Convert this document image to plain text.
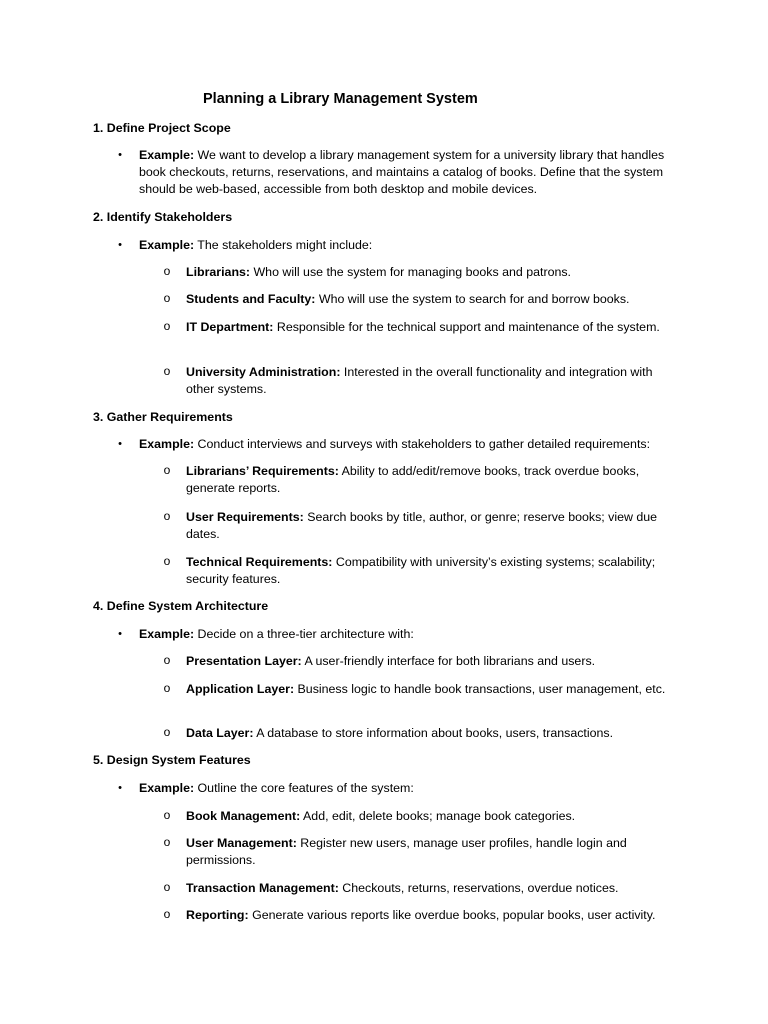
Planning a Library Management System
1. Define Project Scope
• Example: We want to develop a library management system for a university library that handles book checkouts, returns, reservations, and maintains a catalog of books. Define that the system should be web-based, accessible from both desktop and mobile devices.
2. Identify Stakeholders
• Example: The stakeholders might include:
o Librarians: Who will use the system for managing books and patrons.
o Students and Faculty: Who will use the system to search for and borrow books.
o IT Department: Responsible for the technical support and maintenance of the system.
o University Administration: Interested in the overall functionality and integration with other systems.
3. Gather Requirements
• Example: Conduct interviews and surveys with stakeholders to gather detailed requirements:
o Librarians’ Requirements: Ability to add/edit/remove books, track overdue books, generate reports.
o User Requirements: Search books by title, author, or genre; reserve books; view due dates.
o Technical Requirements: Compatibility with university’s existing systems; scalability; security features.
4. Define System Architecture
• Example: Decide on a three-tier architecture with:
o Presentation Layer: A user-friendly interface for both librarians and users.
o Application Layer: Business logic to handle book transactions, user management, etc.
o Data Layer: A database to store information about books, users, transactions.
5. Design System Features
• Example: Outline the core features of the system:
o Book Management: Add, edit, delete books; manage book categories.
o User Management: Register new users, manage user profiles, handle login and permissions.
o Transaction Management: Checkouts, returns, reservations, overdue notices.
o Reporting: Generate various reports like overdue books, popular books, user activity.
